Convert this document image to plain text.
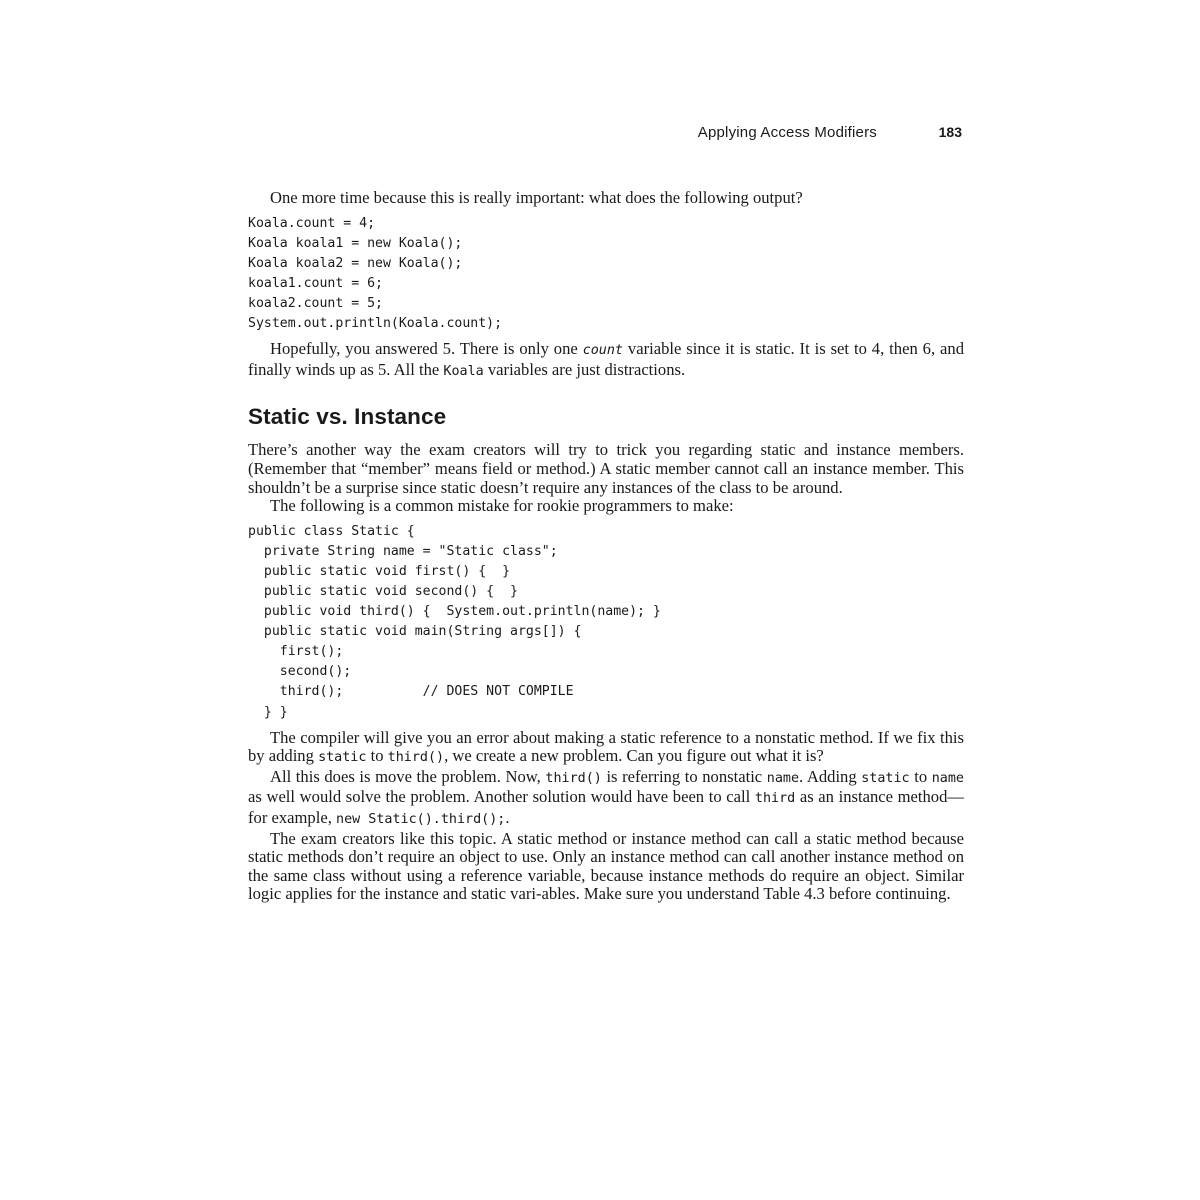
Applying Access Modifiers	183

One more time because this is really important: what does the following output?

Koala.count = 4;
Koala koala1 = new Koala();
Koala koala2 = new Koala();
koala1.count = 6;
koala2.count = 5;
System.out.println(Koala.count);

Hopefully, you answered 5. There is only one count variable since it is static. It is set to 4, then 6, and finally winds up as 5. All the Koala variables are just distractions.

Static vs. Instance

There’s another way the exam creators will try to trick you regarding static and instance members. (Remember that “member” means field or method.) A static member cannot call an instance member. This shouldn’t be a surprise since static doesn’t require any instances of the class to be around.

The following is a common mistake for rookie programmers to make:

public class Static {
private String name = "Static class";
public static void first() {  }
public static void second() {  }
public void third() {  System.out.println(name); }
public static void main(String args[]) {
first();
second();
third();          // DOES NOT COMPILE
} }

The compiler will give you an error about making a static reference to a nonstatic method. If we fix this by adding static to third(), we create a new problem. Can you figure out what it is?

All this does is move the problem. Now, third() is referring to nonstatic name. Adding static to name as well would solve the problem. Another solution would have been to call third as an instance method—for example, new Static().third();.

The exam creators like this topic. A static method or instance method can call a static method because static methods don’t require an object to use. Only an instance method can call another instance method on the same class without using a reference variable, because instance methods do require an object. Similar logic applies for the instance and static vari-ables. Make sure you understand Table 4.3 before continuing.
